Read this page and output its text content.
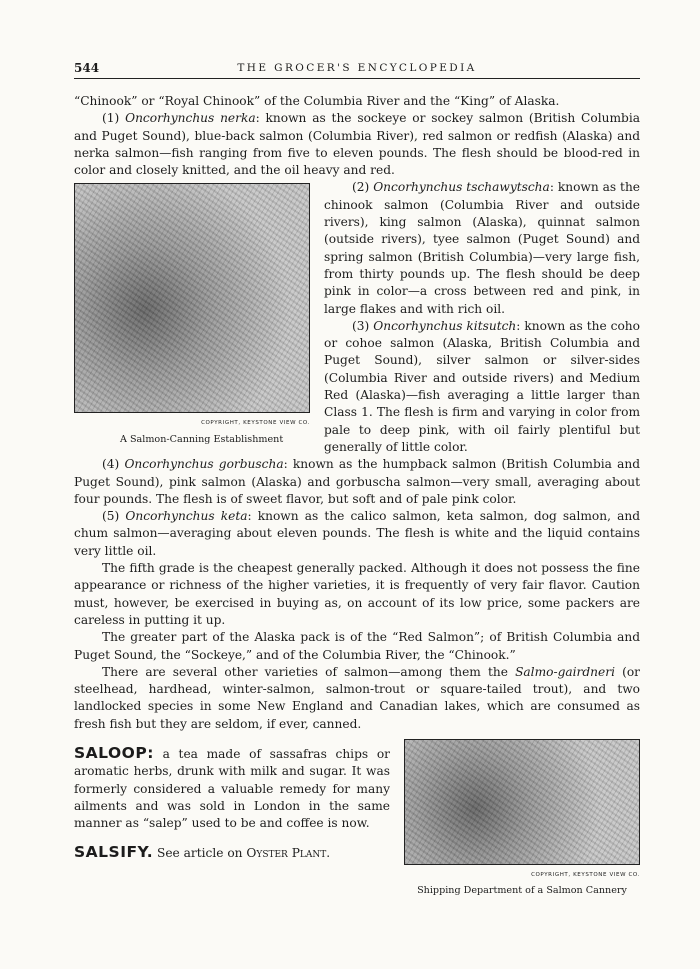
544	THE GROCER'S ENCYCLOPEDIA

“Chinook” or “Royal Chinook” of the Columbia River and the “King” of Alaska.

(1) Oncorhynchus nerka: known as the sockeye or sockey salmon (British Columbia and Puget Sound), blue-back salmon (Columbia River), red salmon or redfish (Alaska) and nerka salmon—fish ranging from five to eleven pounds. The flesh should be blood-red in color and closely knitted, and the oil heavy and red.

COPYRIGHT, KEYSTONE VIEW CO.
A Salmon-Canning Establishment

(2) Oncorhynchus tschawytscha: known as the chinook salmon (Columbia River and outside rivers), king salmon (Alaska), quinnat salmon (outside rivers), tyee salmon (Puget Sound) and spring salmon (British Columbia)—very large fish, from thirty pounds up. The flesh should be deep pink in color—a cross between red and pink, in large flakes and with rich oil.

(3) Oncorhynchus kitsutch: known as the coho or cohoe salmon (Alaska, British Columbia and Puget Sound), silver salmon or silver-sides (Columbia River and outside rivers) and Medium Red (Alaska)—fish averaging a little larger than Class 1. The flesh is firm and varying in color from pale to deep pink, with oil fairly plentiful but generally of little color.

(4) Oncorhynchus gorbuscha: known as the humpback salmon (British Columbia and Puget Sound), pink salmon (Alaska) and gorbuscha salmon—very small, averaging about four pounds. The flesh is of sweet flavor, but soft and of pale pink color.

(5) Oncorhynchus keta: known as the calico salmon, keta salmon, dog salmon, and chum salmon—averaging about eleven pounds. The flesh is white and the liquid contains very little oil.

The fifth grade is the cheapest generally packed. Although it does not possess the fine appearance or richness of the higher varieties, it is frequently of very fair flavor. Caution must, however, be exercised in buying as, on account of its low price, some packers are careless in putting it up.

The greater part of the Alaska pack is of the “Red Salmon”; of British Columbia and Puget Sound, the “Sockeye,” and of the Columbia River, the “Chinook.”

There are several other varieties of salmon—among them the Salmo-gairdneri (or steelhead, hardhead, winter-salmon, salmon-trout or square-tailed trout), and two landlocked species in some New England and Canadian lakes, which are consumed as fresh fish but they are seldom, if ever, canned.

COPYRIGHT, KEYSTONE VIEW CO.
Shipping Department of a Salmon Cannery

SALOOP: a tea made of sassafras chips or aromatic herbs, drunk with milk and sugar. It was formerly considered a valuable remedy for many ailments and was sold in London in the same manner as “salep” used to be and coffee is now.

SALSIFY. See article on Oyster Plant.
